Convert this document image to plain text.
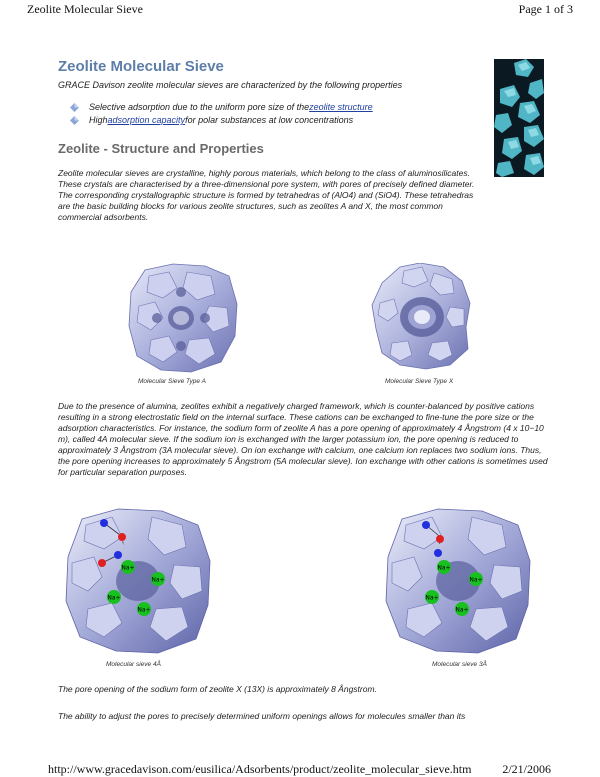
Zeolite Molecular Sieve	Page 1 of 3
Zeolite Molecular Sieve
GRACE Davison zeolite molecular sieves are characterized by the following properties
Selective adsorption due to the uniform pore size of the zeolite structure
High adsorption capacity for polar substances at low concentrations
Zeolite - Structure and Properties

Zeolite molecular sieves are crystalline, highly porous materials, which belong to the class of aluminosilicates. These crystals are characterised by a three-dimensional pore system, with pores of precisely defined diameter. The corresponding crystallographic structure is formed by tetrahedras of (AlO4) and (SiO4). These tetrahedras are the basic building blocks for various zeolite structures, such as zeolites A and X, the most common commercial adsorbents.

Molecular Sieve Type A	Molecular Sieve Type X

Due to the presence of alumina, zeolites exhibit a negatively charged framework, which is counter-balanced by positive cations resulting in a strong electrostatic field on the internal surface. These cations can be exchanged to fine-tune the pore size or the adsorption characteristics. For instance, the sodium form of zeolite A has a pore opening of approximately 4 Ångstrom (4 x 10−10 m), called 4A molecular sieve. If the sodium ion is exchanged with the larger potassium ion, the pore opening is reduced to approximately 3 Ångstrom (3A molecular sieve). On ion exchange with calcium, one calcium ion replaces two sodium ions. Thus, the pore opening increases to approximately 5 Ångstrom (5A molecular sieve). Ion exchange with other cations is sometimes used for particular separation purposes.

Na+
Na+
Na+
Na+
Molecular sieve 4Å
Na+
Na+
Na+
Na+
Molecular sieve 3Å

The pore opening of the sodium form of zeolite X (13X) is approximately 8 Ångstrom.

The ability to adjust the pores to precisely determined uniform openings allows for molecules smaller than its

http://www.gracedavison.com/eusilica/Adsorbents/product/zeolite_molecular_sieve.htm	2/21/2006
